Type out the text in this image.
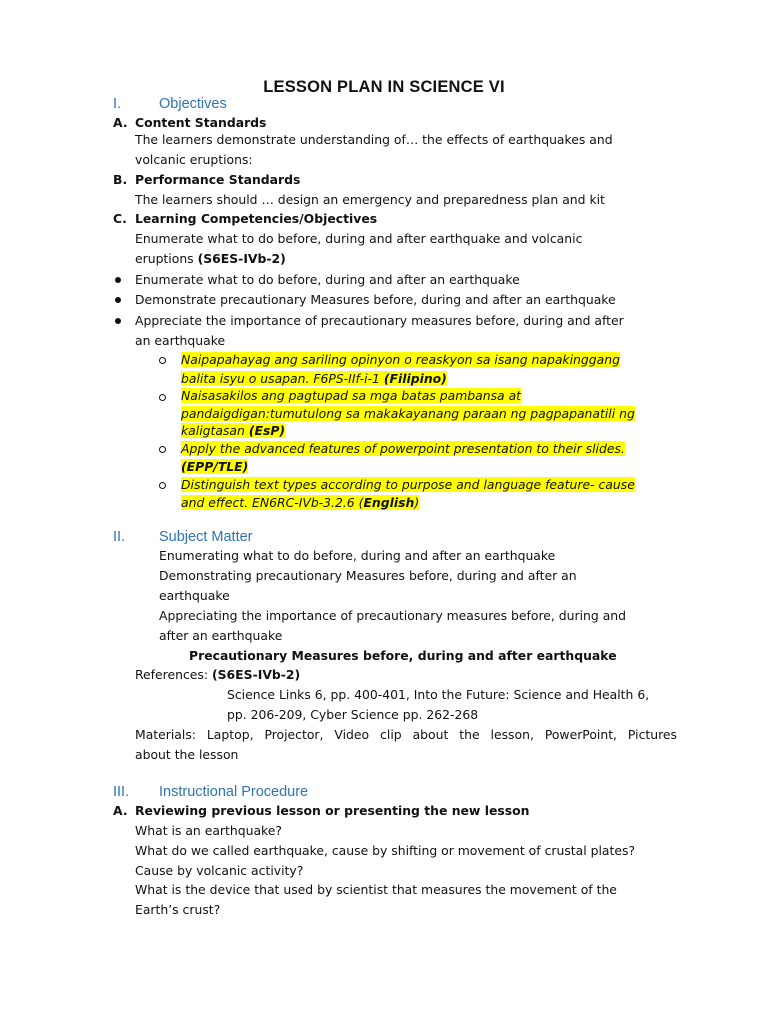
LESSON PLAN IN SCIENCE VI
I.	Objectives
A. Content Standards
The learners demonstrate understanding of… the effects of earthquakes and
volcanic eruptions:
B. Performance Standards
The learners should … design an emergency and preparedness plan and kit
C. Learning Competencies/Objectives
Enumerate what to do before, during and after earthquake and volcanic
eruptions (S6ES-IVb-2)
Enumerate what to do before, during and after an earthquake
Demonstrate precautionary Measures before, during and after an earthquake
Appreciate the importance of precautionary measures before, during and after
an earthquake
Naipapahayag ang sariling opinyon o reaskyon sa isang napakinggang
balita isyu o usapan. F6PS-IIf-i-1 (Filipino)
Naisasakilos ang pagtupad sa mga batas pambansa at
pandaigdigan:tumutulong sa makakayanang paraan ng pagpapanatili ng
kaligtasan (EsP)
Apply the advanced features of powerpoint presentation to their slides.
(EPP/TLE)
Distinguish text types according to purpose and language feature- cause
and effect. EN6RC-IVb-3.2.6 (English)
II. Subject Matter
Enumerating what to do before, during and after an earthquake
Demonstrating precautionary Measures before, during and after an
earthquake
Appreciating the importance of precautionary measures before, during and
after an earthquake
Precautionary Measures before, during and after earthquake
References: (S6ES-IVb-2)
Science Links 6, pp. 400-401, Into the Future: Science and Health 6,
pp. 206-209, Cyber Science pp. 262-268
Materials: Laptop, Projector, Video clip about the lesson, PowerPoint, Pictures
about the lesson
III. Instructional Procedure
A. Reviewing previous lesson or presenting the new lesson
What is an earthquake?
What do we called earthquake, cause by shifting or movement of crustal plates?
Cause by volcanic activity?
What is the device that used by scientist that measures the movement of the
Earth’s crust?
